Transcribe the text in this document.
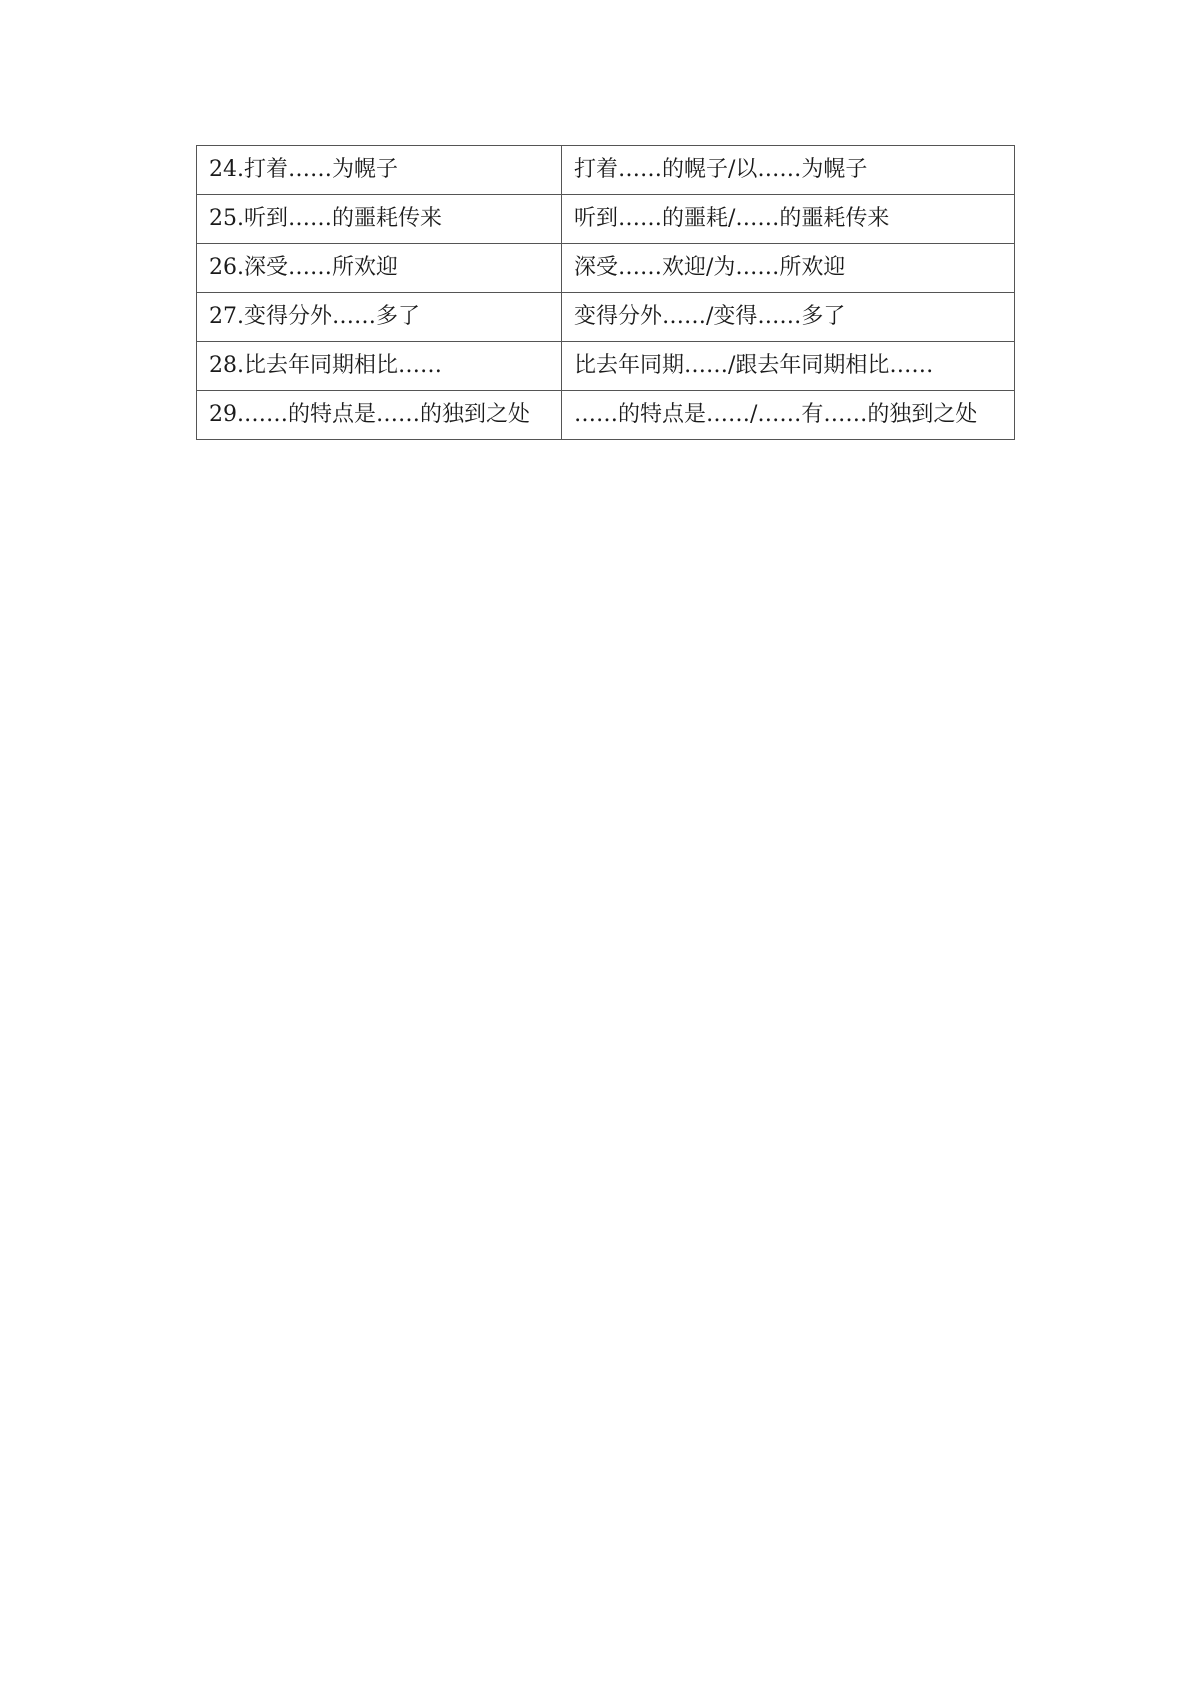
24.打着……为幌子	打着……的幌子/以……为幌子
25.听到……的噩耗传来	听到……的噩耗/……的噩耗传来
26.深受……所欢迎	深受……欢迎/为……所欢迎
27.变得分外……多了	变得分外……/变得……多了
28.比去年同期相比……	比去年同期……/跟去年同期相比……
29.……的特点是……的独到之处	……的特点是……/……有……的独到之处
